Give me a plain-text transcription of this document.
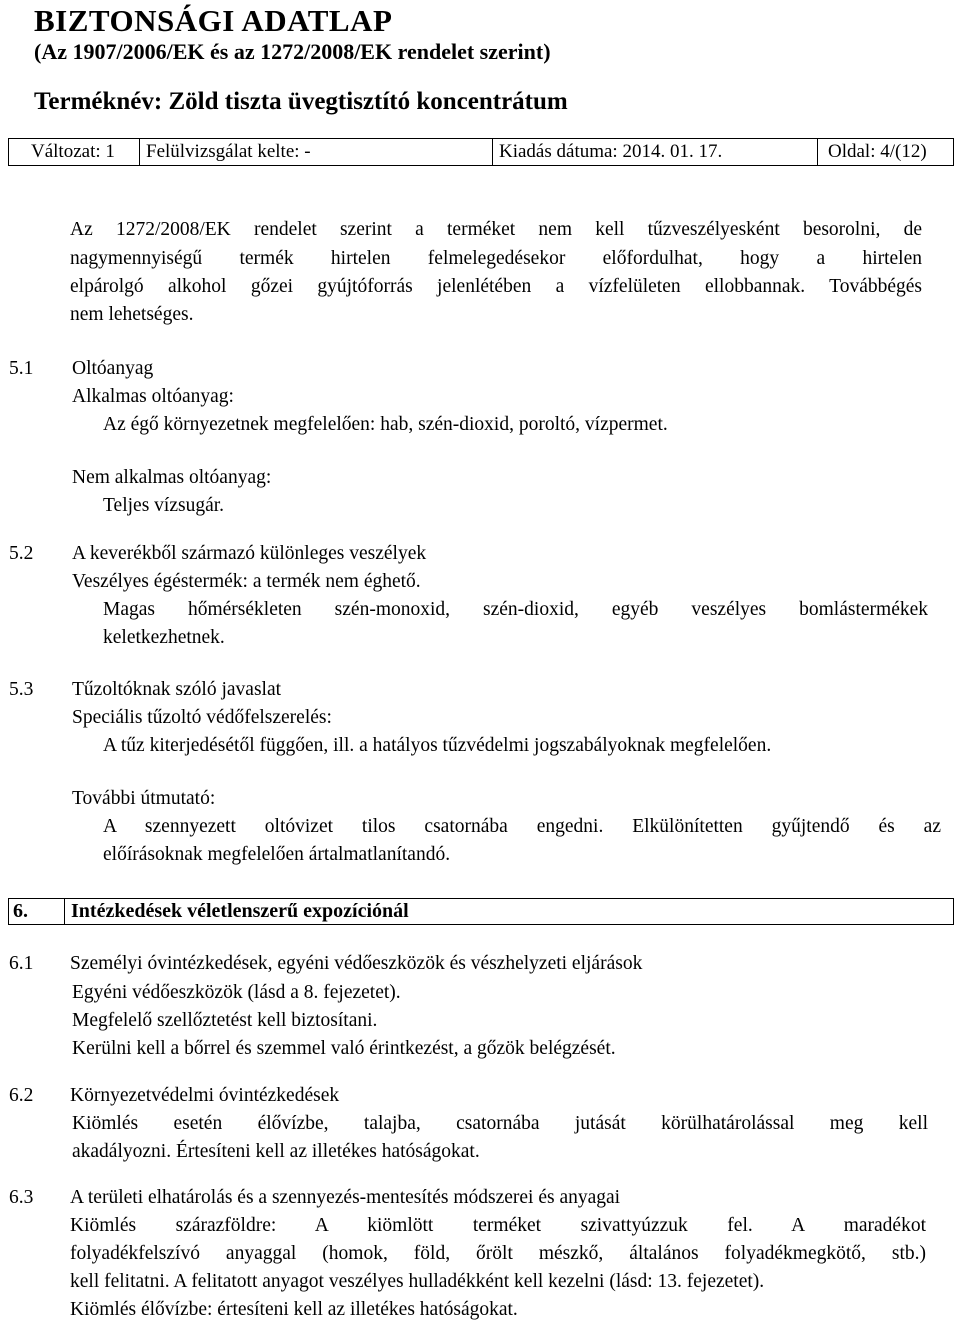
BIZTONSÁGI ADATLAP
(Az 1907/2006/EK és az 1272/2008/EK rendelet szerint)
Terméknév: Zöld tiszta üvegtisztító koncentrátum
Változat: 1	Felülvizsgálat kelte: -	Kiadás dátuma: 2014. 01. 17.	Oldal: 4/(12)
Az 1272/2008/EK rendelet szerint a terméket nem kell tűzveszélyesként besorolni, de
nagymennyiségű termék hirtelen felmelegedésekor előfordulhat, hogy a hirtelen
elpárolgó alkohol gőzei gyújtóforrás jelenlétében a vízfelületen ellobbannak. Továbbégés
nem lehetséges.
5.1 Oltóanyag
Alkalmas oltóanyag:
Az égő környezetnek megfelelően: hab, szén-dioxid, poroltó, vízpermet.
Nem alkalmas oltóanyag:
Teljes vízsugár.
5.2 A keverékből származó különleges veszélyek
Veszélyes égéstermék: a termék nem éghető.
Magas hőmérsékleten szén-monoxid, szén-dioxid, egyéb veszélyes bomlástermékek
keletkezhetnek.
5.3 Tűzoltóknak szóló javaslat
Speciális tűzoltó védőfelszerelés:
A tűz kiterjedésétől függően, ill. a hatályos tűzvédelmi jogszabályoknak megfelelően.
További útmutató:
A szennyezett oltóvizet tilos csatornába engedni. Elkülönítetten gyűjtendő és az
előírásoknak megfelelően ártalmatlanítandó.
6.	Intézkedések véletlenszerű expozíciónál
6.1 Személyi óvintézkedések, egyéni védőeszközök és vészhelyzeti eljárások
Egyéni védőeszközök (lásd a 8. fejezetet).
Megfelelő szellőztetést kell biztosítani.
Kerülni kell a bőrrel és szemmel való érintkezést, a gőzök belégzését.
6.2 Környezetvédelmi óvintézkedések
Kiömlés esetén élővízbe, talajba, csatornába jutását körülhatárolással meg kell
akadályozni. Értesíteni kell az illetékes hatóságokat.
6.3 A területi elhatárolás és a szennyezés-mentesítés módszerei és anyagai
Kiömlés szárazföldre: A kiömlött terméket szivattyúzzuk fel. A maradékot
folyadékfelszívó anyaggal (homok, föld, őrölt mészkő, általános folyadékmegkötő, stb.)
kell felitatni. A felitatott anyagot veszélyes hulladékként kell kezelni (lásd: 13. fejezetet).
Kiömlés élővízbe: értesíteni kell az illetékes hatóságokat.
